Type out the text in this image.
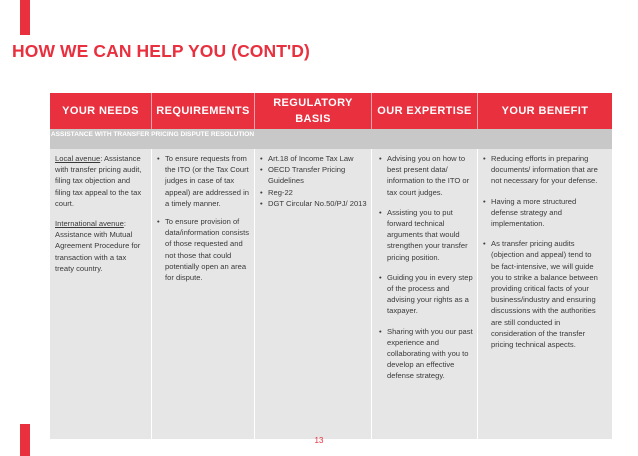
HOW WE CAN HELP YOU (CONT'D)
YOUR NEEDS	REQUIREMENTS
REGULATORY BASIS
OUR EXPERTISE	YOUR BENEFIT
ASSISTANCE WITH TRANSFER PRICING DISPUTE RESOLUTION
Local avenue: Assistance with transfer pricing audit, filing tax objection and filing tax appeal to the tax court.
International avenue: Assistance with Mutual Agreement Procedure for transaction with a tax treaty country.
• To ensure requests from the ITO (or the Tax Court judges in case of tax appeal) are addressed in a timely manner.
• To ensure provision of data/information consists of those requested and not those that could potentially open an area for dispute.
• Art.18 of Income Tax Law
• OECD Transfer Pricing Guidelines
• Reg-22
• DGT Circular No.50/PJ/ 2013
• Advising you on how to best present data/ information to the ITO or tax court judges.
• Assisting you to put forward technical arguments that would strengthen your transfer pricing position.
• Guiding you in every step of the process and advising your rights as a taxpayer.
• Sharing with you our past experience and collaborating with you to develop an effective defense strategy.
• Reducing efforts in preparing documents/ information that are not necessary for your defense.
• Having a more structured defense strategy and implementation.
• As transfer pricing audits (objection and appeal) tend to be fact-intensive, we will guide you to strike a balance between providing critical facts of your business/industry and ensuring discussions with the authorities are still conducted in consideration of the transfer pricing technical aspects.
13
